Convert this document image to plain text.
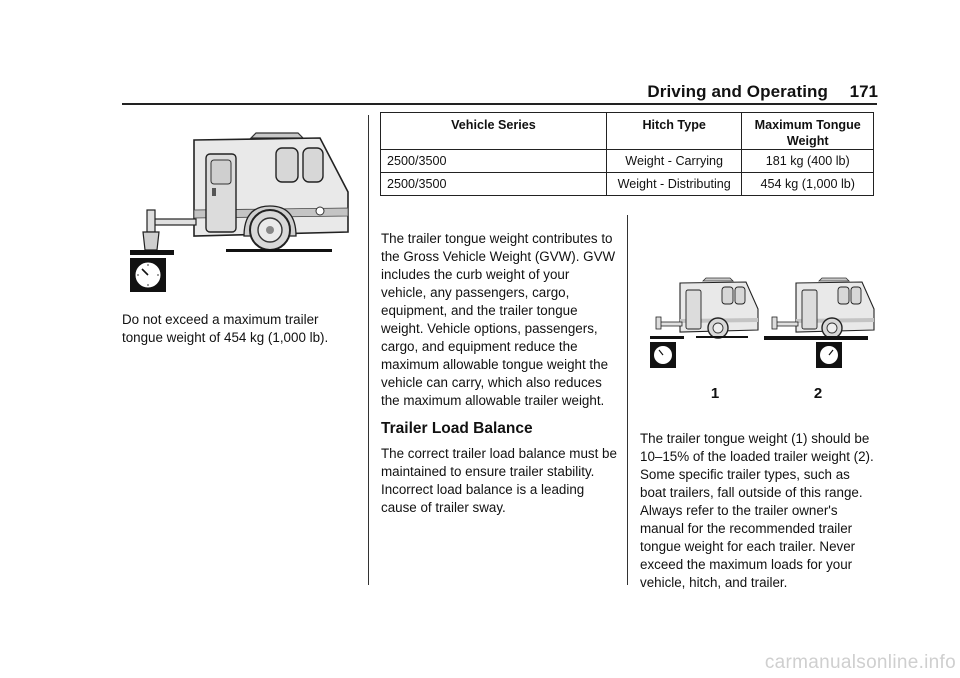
Driving and Operating 171

Do not exceed a maximum trailer tongue weight of 454 kg (1,000 lb).

Vehicle Series	Hitch Type	Maximum Tongue Weight
2500/3500	Weight - Carrying	181 kg (400 lb)
2500/3500	Weight - Distributing	454 kg (1,000 lb)

The trailer tongue weight contributes to the Gross Vehicle Weight (GVW). GVW includes the curb weight of your vehicle, any passengers, cargo, equipment, and the trailer tongue weight. Vehicle options, passengers, cargo, and equipment reduce the maximum allowable tongue weight the vehicle can carry, which also reduces the maximum allowable trailer weight.

Trailer Load Balance

The correct trailer load balance must be maintained to ensure trailer stability. Incorrect load balance is a leading cause of trailer sway.

1	2

The trailer tongue weight (1) should be 10–15% of the loaded trailer weight (2). Some specific trailer types, such as boat trailers, fall outside of this range. Always refer to the trailer owner's manual for the recommended trailer tongue weight for each trailer. Never exceed the maximum loads for your vehicle, hitch, and trailer.

carmanualsonline.info
